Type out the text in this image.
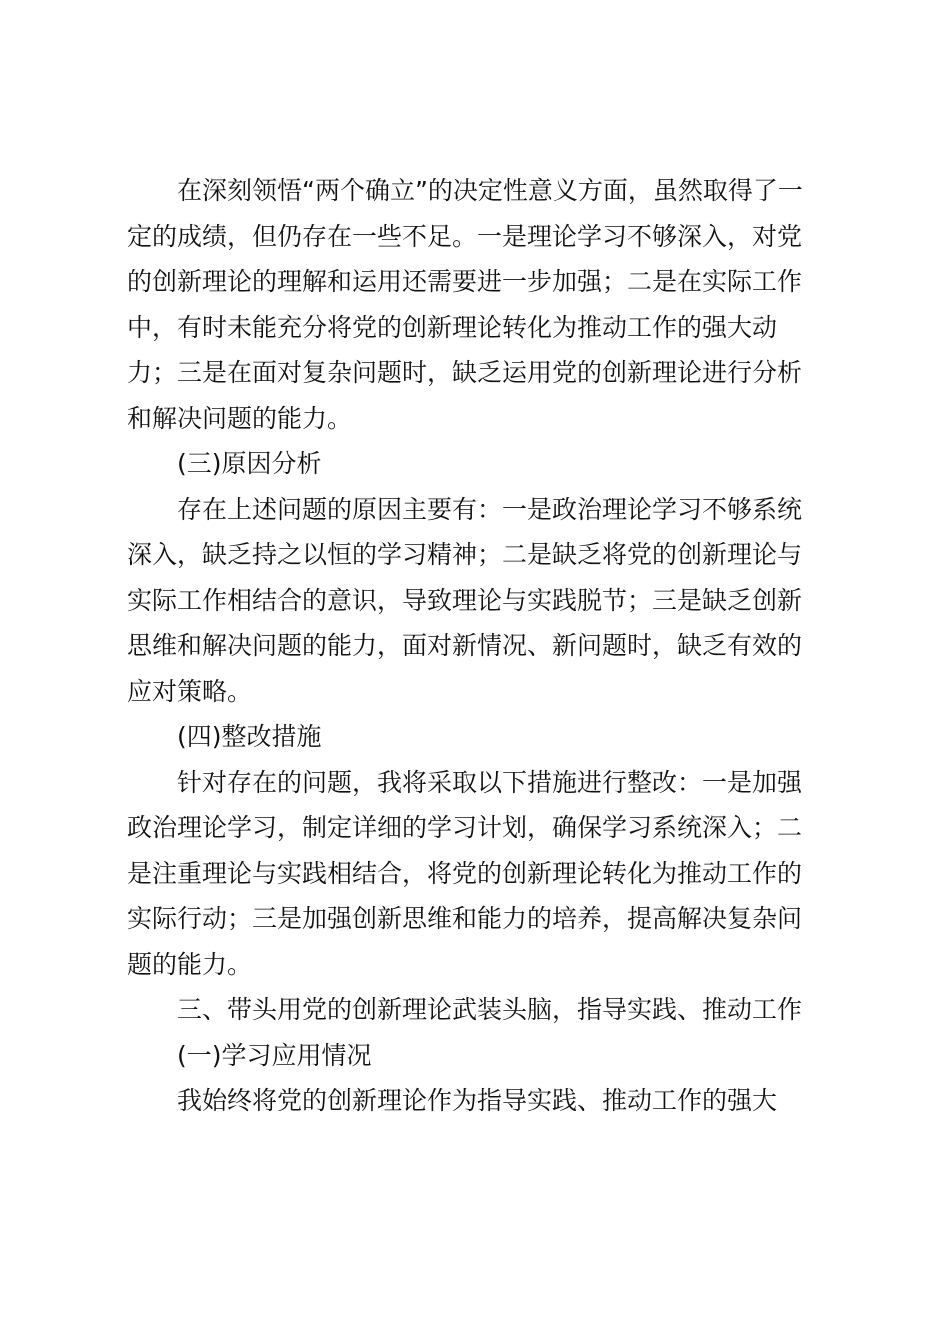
在深刻领悟“两个确立”的决定性意义方面，虽然取得了一
定的成绩，但仍存在一些不足。一是理论学习不够深入，对党
的创新理论的理解和运用还需要进一步加强；二是在实际工作
中，有时未能充分将党的创新理论转化为推动工作的强大动
力；三是在面对复杂问题时，缺乏运用党的创新理论进行分析
和解决问题的能力。
(三)原因分析
存在上述问题的原因主要有：一是政治理论学习不够系统
深入，缺乏持之以恒的学习精神；二是缺乏将党的创新理论与
实际工作相结合的意识，导致理论与实践脱节；三是缺乏创新
思维和解决问题的能力，面对新情况、新问题时，缺乏有效的
应对策略。
(四)整改措施
针对存在的问题，我将采取以下措施进行整改：一是加强
政治理论学习，制定详细的学习计划，确保学习系统深入；二
是注重理论与实践相结合，将党的创新理论转化为推动工作的
实际行动；三是加强创新思维和能力的培养，提高解决复杂问
题的能力。
三、带头用党的创新理论武装头脑，指导实践、推动工作
(一)学习应用情况
我始终将党的创新理论作为指导实践、推动工作的强大
